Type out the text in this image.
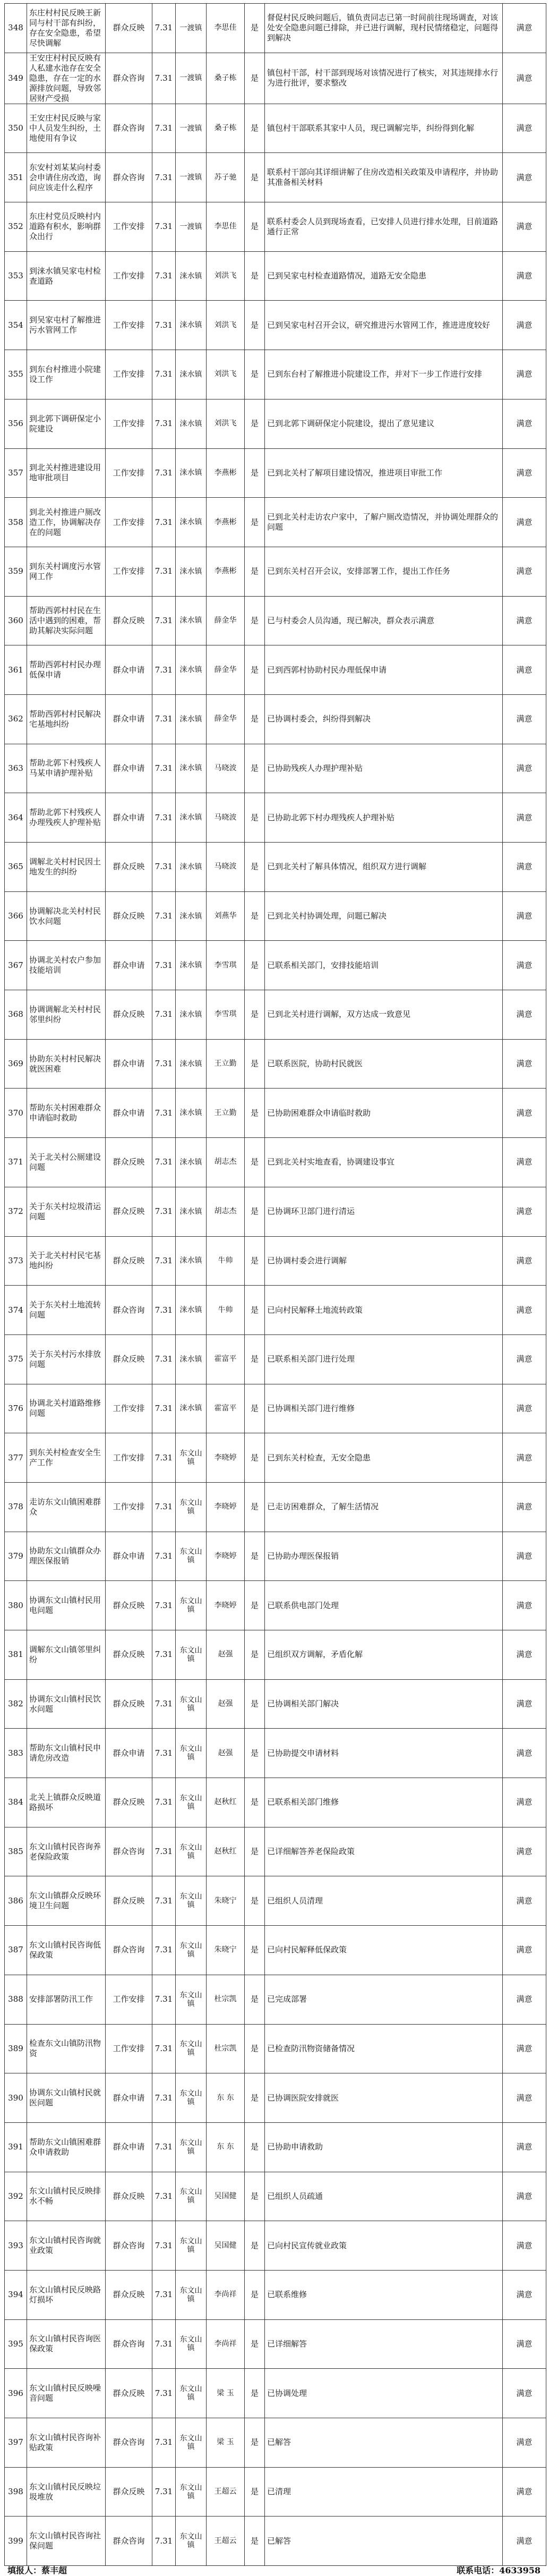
348	东庄村村民反映王新同与村干部有纠纷，存在安全隐患，希望尽快调解	群众反映	7.31	一渡镇	李思佳	是	督促村民反映问题后，镇负责同志已第一时间前往现场调查，对该处安全隐患问题已排除，并已进行调解，现村民情绪稳定，问题得到解决	满意
349	王安庄村村民反映有人私建水池存在安全隐患，存在一定的水源排放问题，导致邻居财产受损	群众咨询	7.31	一渡镇	桑子栋	是	镇包村干部，村干部到现场对该情况进行了核实，对其违规排水行为进行批评，要求整改	满意
350	王安庄村民反映与家中人员发生纠纷，土地使用有争议	群众咨询	7.31	一渡镇	桑子栋	是	镇包村干部联系其家中人员，现已调解完毕，纠纷得到化解	满意
351	东安村刘某某向村委会申请住房改造，询问应该走什么程序	群众咨询	7.31	一渡镇	苏子驰	是	联系村干部向其详细讲解了住房改造相关政策及申请程序，并协助其准备相关材料	满意
352	东庄村党员反映村内道路有积水，影响群众出行	工作安排	7.31	一渡镇	李思佳	是	联系村委会人员到现场查看，已安排人员进行排水处理，目前道路通行正常	满意
353	到涞水镇吴家屯村检查道路	工作安排	7.31	涞水镇	刘洪飞	是	已到吴家屯村检查道路情况，道路无安全隐患	满意
354	到吴家屯村了解推进污水管网工作	工作安排	7.31	涞水镇	刘洪飞	是	已到吴家屯村召开会议，研究推进污水管网工作，推进进度较好	满意
355	到东台村推进小院建设工作	工作安排	7.31	涞水镇	刘洪飞	是	已到东台村了解推进小院建设工作，并对下一步工作进行安排	满意
356	到北郭下调研保定小院建设	工作安排	7.31	涞水镇	刘洪飞	是	已到北郭下调研保定小院建设，提出了意见建议	满意
357	到北关村推进建设用地审批项目	工作安排	7.31	涞水镇	李燕彬	是	已到北关村了解项目建设情况，推进项目审批工作	满意
358	到北关村推进户厕改造工作，协调解决存在的问题	工作安排	7.31	涞水镇	李燕彬	是	已到北关村走访农户家中，了解户厕改造情况，并协调处理群众的问题	满意
359	到东关村调度污水管网工作	工作安排	7.31	涞水镇	李燕彬	是	已到东关村召开会议，安排部署工作，提出工作任务	满意
360	帮助西郭村村民在生活中遇到的困难，帮助其解决实际问题	群众反映	7.31	涞水镇	薛金华	是	已与村委会人员沟通，现已解决，群众表示满意	满意
361	帮助西郭村村民办理低保申请	群众申请	7.31	涞水镇	薛金华	是	已到西郭村协助村民办理低保申请	满意
362	帮助西郭村村民解决宅基地纠纷	群众申请	7.31	涞水镇	薛金华	是	已协调村委会，纠纷得到解决	满意
363	帮助北郭下村残疾人马某申请护理补贴	群众申请	7.31	涞水镇	马晓波	是	已协助残疾人办理护理补贴	满意
364	帮助北郭下村残疾人办理残疾人护理补贴	群众申请	7.31	涞水镇	马晓波	是	已协助北郭下村办理残疾人护理补贴	满意
365	调解北关村村民因土地发生的纠纷	群众反映	7.31	涞水镇	马晓波	是	已到北关村了解具体情况，组织双方进行调解	满意
366	协调解决北关村村民饮水问题	群众反映	7.31	涞水镇	刘燕华	是	已到北关村协调处理，问题已解决	满意
367	协调北关村农户参加技能培训	群众申请	7.31	涞水镇	李雪琪	是	已联系相关部门，安排技能培训	满意
368	协调调解北关村村民邻里纠纷	群众反映	7.31	涞水镇	李雪琪	是	已到北关村进行调解，双方达成一致意见	满意
369	协助东关村村民解决就医困难	群众申请	7.31	涞水镇	王立勤	是	已联系医院，协助村民就医	满意
370	帮助东关村困难群众申请临时救助	群众申请	7.31	涞水镇	王立勤	是	已协助困难群众申请临时救助	满意
371	关于北关村公厕建设问题	群众反映	7.31	涞水镇	胡志杰	是	已到北关村实地查看，协调建设事宜	满意
372	关于东关村垃圾清运问题	群众反映	7.31	涞水镇	胡志杰	是	已协调环卫部门进行清运	满意
373	关于北关村村民宅基地纠纷	群众反映	7.31	涞水镇	牛帅	是	已协调村委会进行调解	满意
374	关于东关村土地流转问题	群众咨询	7.31	涞水镇	牛帅	是	已向村民解释土地流转政策	满意
375	关于东关村污水排放问题	群众反映	7.31	涞水镇	霍富平	是	已联系相关部门进行处理	满意
376	协调北关村道路维修问题	工作安排	7.31	涞水镇	霍富平	是	已协调相关部门进行维修	满意
377	到东关村检查安全生产工作	工作安排	7.31	东文山镇	李晓婷	是	已到东关村检查，无安全隐患	满意
378	走访东文山镇困难群众	工作安排	7.31	东文山镇	李晓婷	是	已走访困难群众，了解生活情况	满意
379	协助东文山镇群众办理医保报销	群众申请	7.31	东文山镇	李晓婷	是	已协助办理医保报销	满意
380	协调东文山镇村民用电问题	群众反映	7.31	东文山镇	李晓婷	是	已联系供电部门处理	满意
381	调解东文山镇邻里纠纷	群众反映	7.31	东文山镇	赵强	是	已组织双方调解，矛盾化解	满意
382	协调东文山镇村民饮水问题	群众反映	7.31	东文山镇	赵强	是	已协调相关部门解决	满意
383	帮助东文山镇村民申请危房改造	群众申请	7.31	东文山镇	赵强	是	已协助提交申请材料	满意
384	北关上镇群众反映道路损坏	群众反映	7.31	东文山镇	赵秋红	是	已联系相关部门维修	满意
385	东文山镇村民咨询养老保险政策	群众咨询	7.31	东文山镇	赵秋红	是	已详细解答养老保险政策	满意
386	东文山镇群众反映环境卫生问题	群众反映	7.31	东文山镇	朱晓宁	是	已组织人员清理	满意
387	东文山镇村民咨询低保政策	群众咨询	7.31	东文山镇	朱晓宁	是	已向村民解释低保政策	满意
388	安排部署防汛工作	工作安排	7.31	东文山镇	杜宗凯	是	已完成部署	满意
389	检查东文山镇防汛物资	工作安排	7.31	东文山镇	杜宗凯	是	已检查防汛物资储备情况	满意
390	协调东文山镇村民就医问题	群众申请	7.31	东文山镇	东 东	是	已协调医院安排就医	满意
391	帮助东文山镇困难群众申请救助	群众申请	7.31	东文山镇	东 东	是	已协助申请救助	满意
392	东文山镇村民反映排水不畅	群众反映	7.31	东文山镇	吴国健	是	已组织人员疏通	满意
393	东文山镇村民咨询就业政策	群众咨询	7.31	东文山镇	吴国健	是	已向村民宣传就业政策	满意
394	东文山镇村民反映路灯损坏	群众反映	7.31	东文山镇	李尚祥	是	已联系维修	满意
395	东文山镇村民咨询医保政策	群众咨询	7.31	东文山镇	李尚祥	是	已详细解答	满意
396	东文山镇村民反映噪音问题	群众反映	7.31	东文山镇	梁 玉	是	已协调处理	满意
397	东文山镇村民咨询补贴政策	群众咨询	7.31	东文山镇	梁 玉	是	已解答	满意
398	东文山镇村民反映垃圾堆放	群众反映	7.31	东文山镇	王超云	是	已清理	满意
399	东文山镇村民咨询社保问题	群众咨询	7.31	东文山镇	王超云	是	已解答	满意
填报人：蔡丰超	联系电话：4633958
